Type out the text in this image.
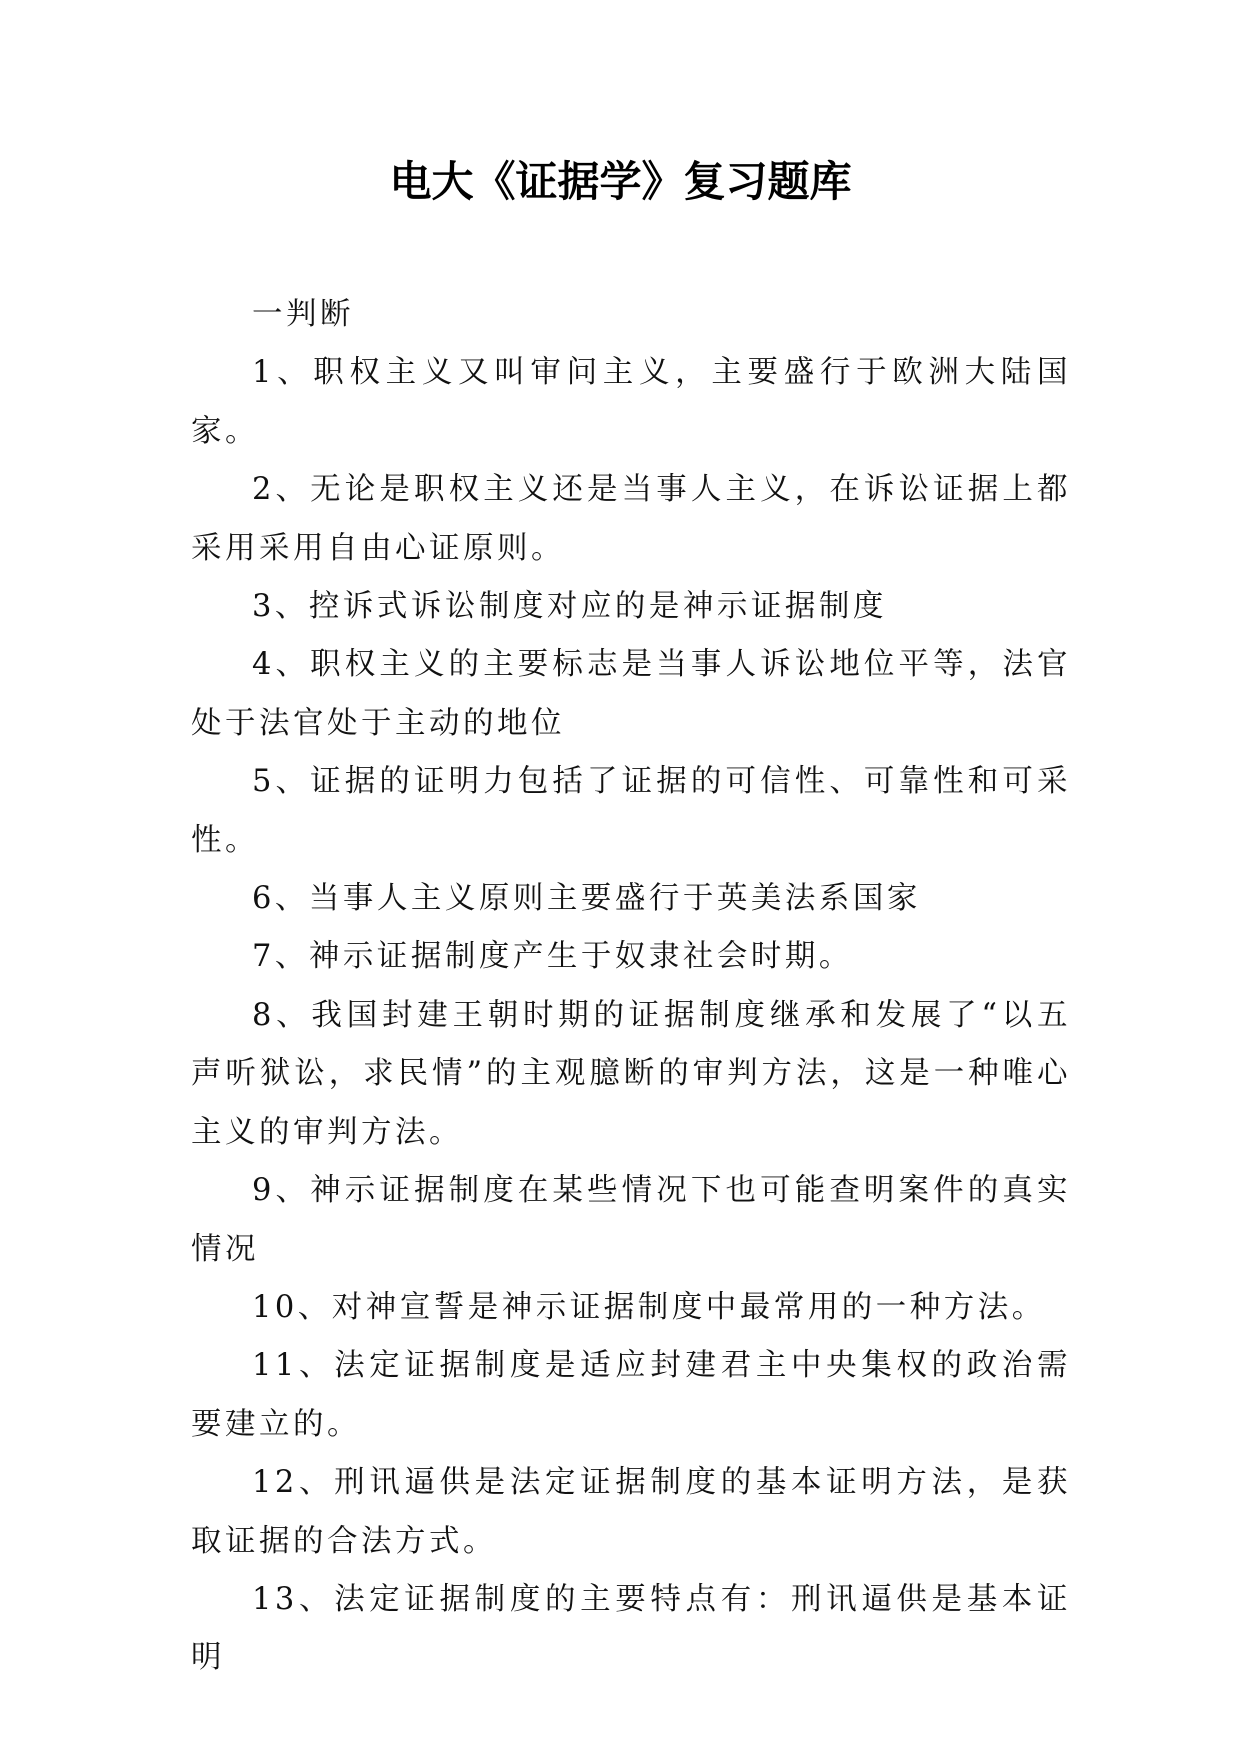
电大《证据学》复习题库

一判断

1、职权主义又叫审问主义，主要盛行于欧洲大陆国家。

2、无论是职权主义还是当事人主义，在诉讼证据上都采用采用自由心证原则。

3、控诉式诉讼制度对应的是神示证据制度

4、职权主义的主要标志是当事人诉讼地位平等，法官处于法官处于主动的地位

5、证据的证明力包括了证据的可信性、可靠性和可采性。

6、当事人主义原则主要盛行于英美法系国家

7、神示证据制度产生于奴隶社会时期。

8、我国封建王朝时期的证据制度继承和发展了“以五声听狱讼，求民情”的主观臆断的审判方法，这是一种唯心主义的审判方法。

9、神示证据制度在某些情况下也可能查明案件的真实情况

10、对神宣誓是神示证据制度中最常用的一种方法。

11、法定证据制度是适应封建君主中央集权的政治需要建立的。

12、刑讯逼供是法定证据制度的基本证明方法，是获取证据的合法方式。

13、法定证据制度的主要特点有：刑讯逼供是基本证明
